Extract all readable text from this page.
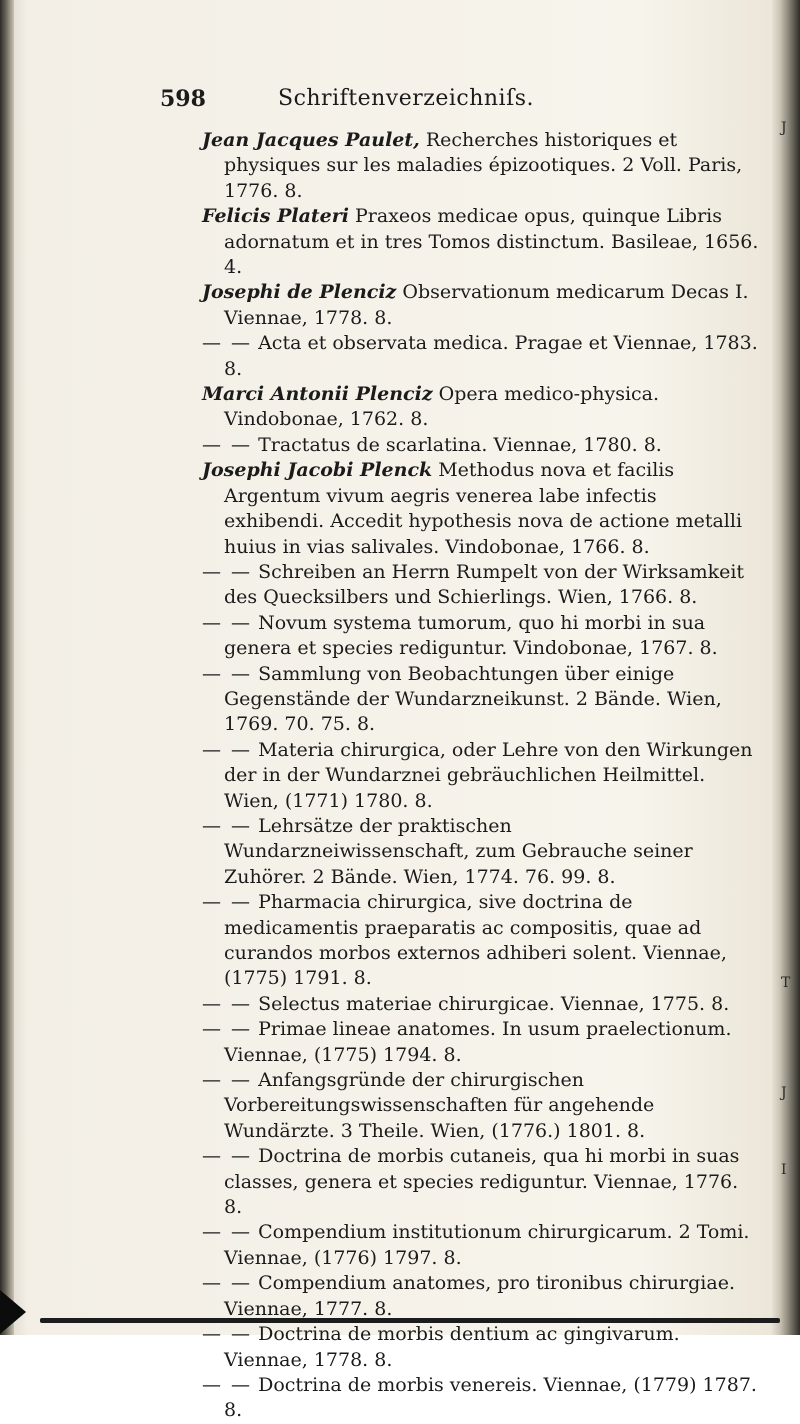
J
T
J
I
598	Schriftenverzeichniſs.

Jean Jacques Paulet, Recherches historiques et physiques sur les maladies épizootiques. 2 Voll. Paris, 1776. 8.

Felicis Plateri Praxeos medicae opus, quinque Libris adornatum et in tres Tomos distinctum. Basileae, 1656. 4.

Josephi de Plenciz Observationum medicarum Decas I. Viennae, 1778. 8.

— — Acta et observata medica. Pragae et Viennae, 1783. 8.

Marci Antonii Plenciz Opera medico-physica. Vindobonae, 1762. 8.

— — Tractatus de scarlatina. Viennae, 1780. 8.

Josephi Jacobi Plenck Methodus nova et facilis Argentum vivum aegris venerea labe infectis exhibendi. Accedit hypothesis nova de actione metalli huius in vias salivales. Vindobonae, 1766. 8.

— — Schreiben an Herrn Rumpelt von der Wirksamkeit des Quecksilbers und Schierlings. Wien, 1766. 8.

— — Novum systema tumorum, quo hi morbi in sua genera et species rediguntur. Vindobonae, 1767. 8.

— — Sammlung von Beobachtungen über einige Gegenstände der Wundarzneikunst. 2 Bände. Wien, 1769. 70. 75. 8.

— — Materia chirurgica, oder Lehre von den Wirkungen der in der Wundarznei gebräuchlichen Heilmittel. Wien, (1771) 1780. 8.

— — Lehrsätze der praktischen Wundarzneiwissenschaft, zum Gebrauche seiner Zuhörer. 2 Bände. Wien, 1774. 76. 99. 8.

— — Pharmacia chirurgica, sive doctrina de medicamentis praeparatis ac compositis, quae ad curandos morbos externos adhiberi solent. Viennae, (1775) 1791. 8.

— — Selectus materiae chirurgicae. Viennae, 1775. 8.

— — Primae lineae anatomes. In usum praelectionum. Viennae, (1775) 1794. 8.

— — Anfangsgründe der chirurgischen Vorbereitungswissenschaften für angehende Wundärzte. 3 Theile. Wien, (1776.) 1801. 8.

— — Doctrina de morbis cutaneis, qua hi morbi in suas classes, genera et species rediguntur. Viennae, 1776. 8.

— — Compendium institutionum chirurgicarum. 2 Tomi. Viennae, (1776) 1797. 8.

— — Compendium anatomes, pro tironibus chirurgiae. Viennae, 1777. 8.

— — Doctrina de morbis dentium ac gingivarum. Viennae, 1778. 8.

— — Doctrina de morbis venereis. Viennae, (1779) 1787. 8.
